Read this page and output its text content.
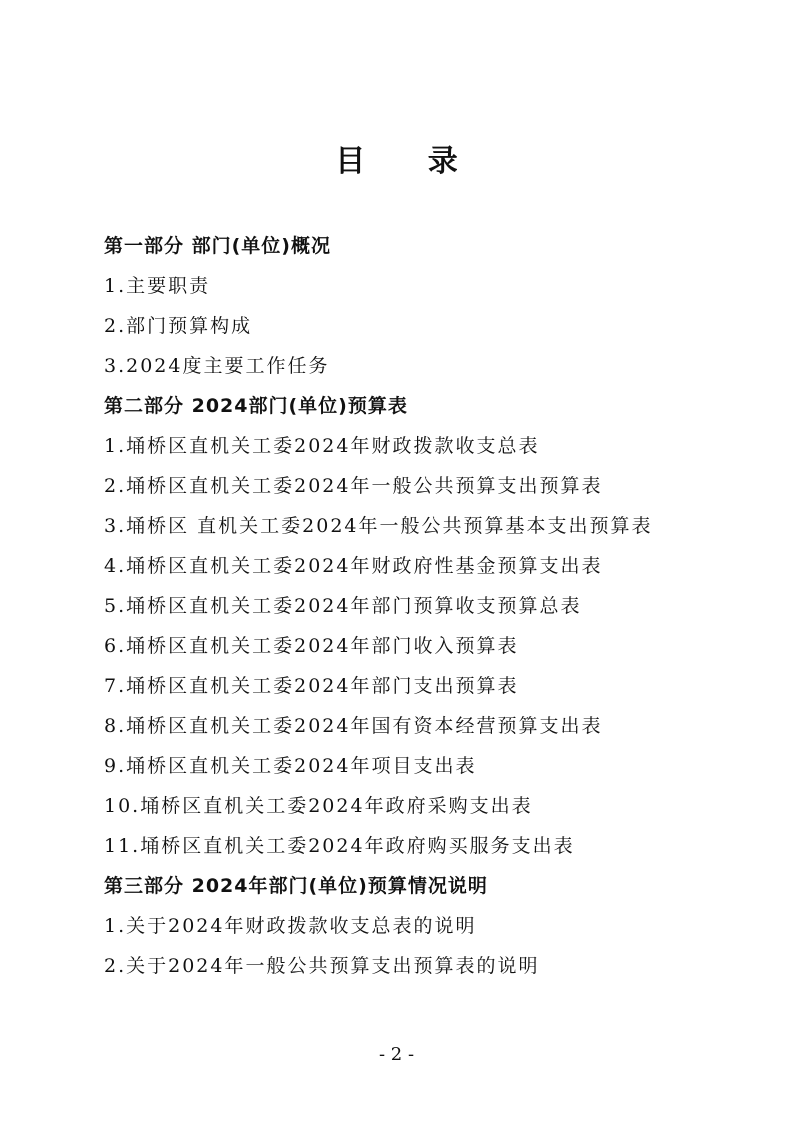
目 录
第一部分 部门(单位)概况
1.主要职责
2.部门预算构成
3.2024度主要工作任务
第二部分 2024部门(单位)预算表
1.埇桥区直机关工委2024年财政拨款收支总表
2.埇桥区直机关工委2024年一般公共预算支出预算表
3.埇桥区 直机关工委2024年一般公共预算基本支出预算表
4.埇桥区直机关工委2024年财政府性基金预算支出表
5.埇桥区直机关工委2024年部门预算收支预算总表
6.埇桥区直机关工委2024年部门收入预算表
7.埇桥区直机关工委2024年部门支出预算表
8.埇桥区直机关工委2024年国有资本经营预算支出表
9.埇桥区直机关工委2024年项目支出表
10.埇桥区直机关工委2024年政府采购支出表
11.埇桥区直机关工委2024年政府购买服务支出表
第三部分 2024年部门(单位)预算情况说明
1.关于2024年财政拨款收支总表的说明
2.关于2024年一般公共预算支出预算表的说明
- 2 -
